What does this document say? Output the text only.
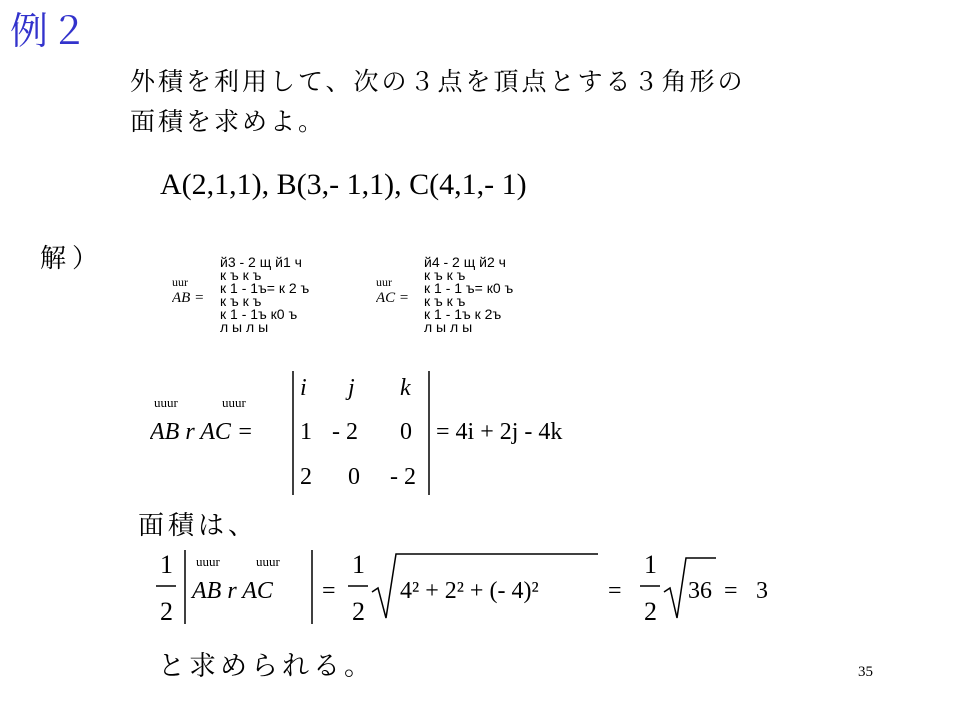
例２
外積を利用して、次の３点を頂点とする３角形の
面積を求めよ。
A(2,1,1), B(3,- 1,1), C(4,1,- 1)
解）
uur
AB =
й3 - 2 щ й1 ч
к ъ к ъ
к 1 - 1ъ= к 2 ъ
к ъ к ъ
к 1 - 1ъ к0 ъ
л ы л ы
uur
AC =
й4 - 2 щ й2 ч
к ъ к ъ
к 1 - 1 ъ= к0 ъ
к ъ к ъ
к 1 - 1ъ к 2ъ
л ы л ы
uuur	uuur
AB r AC =
i j k
1 - 2 0
2 0 - 2
= 4i + 2j - 4k
面積は、
1
2
uuur	uuur
AB r AC =
1
2
4² + 2² + (- 4)²	=
1
2
36 = 3
と求められる。	35
